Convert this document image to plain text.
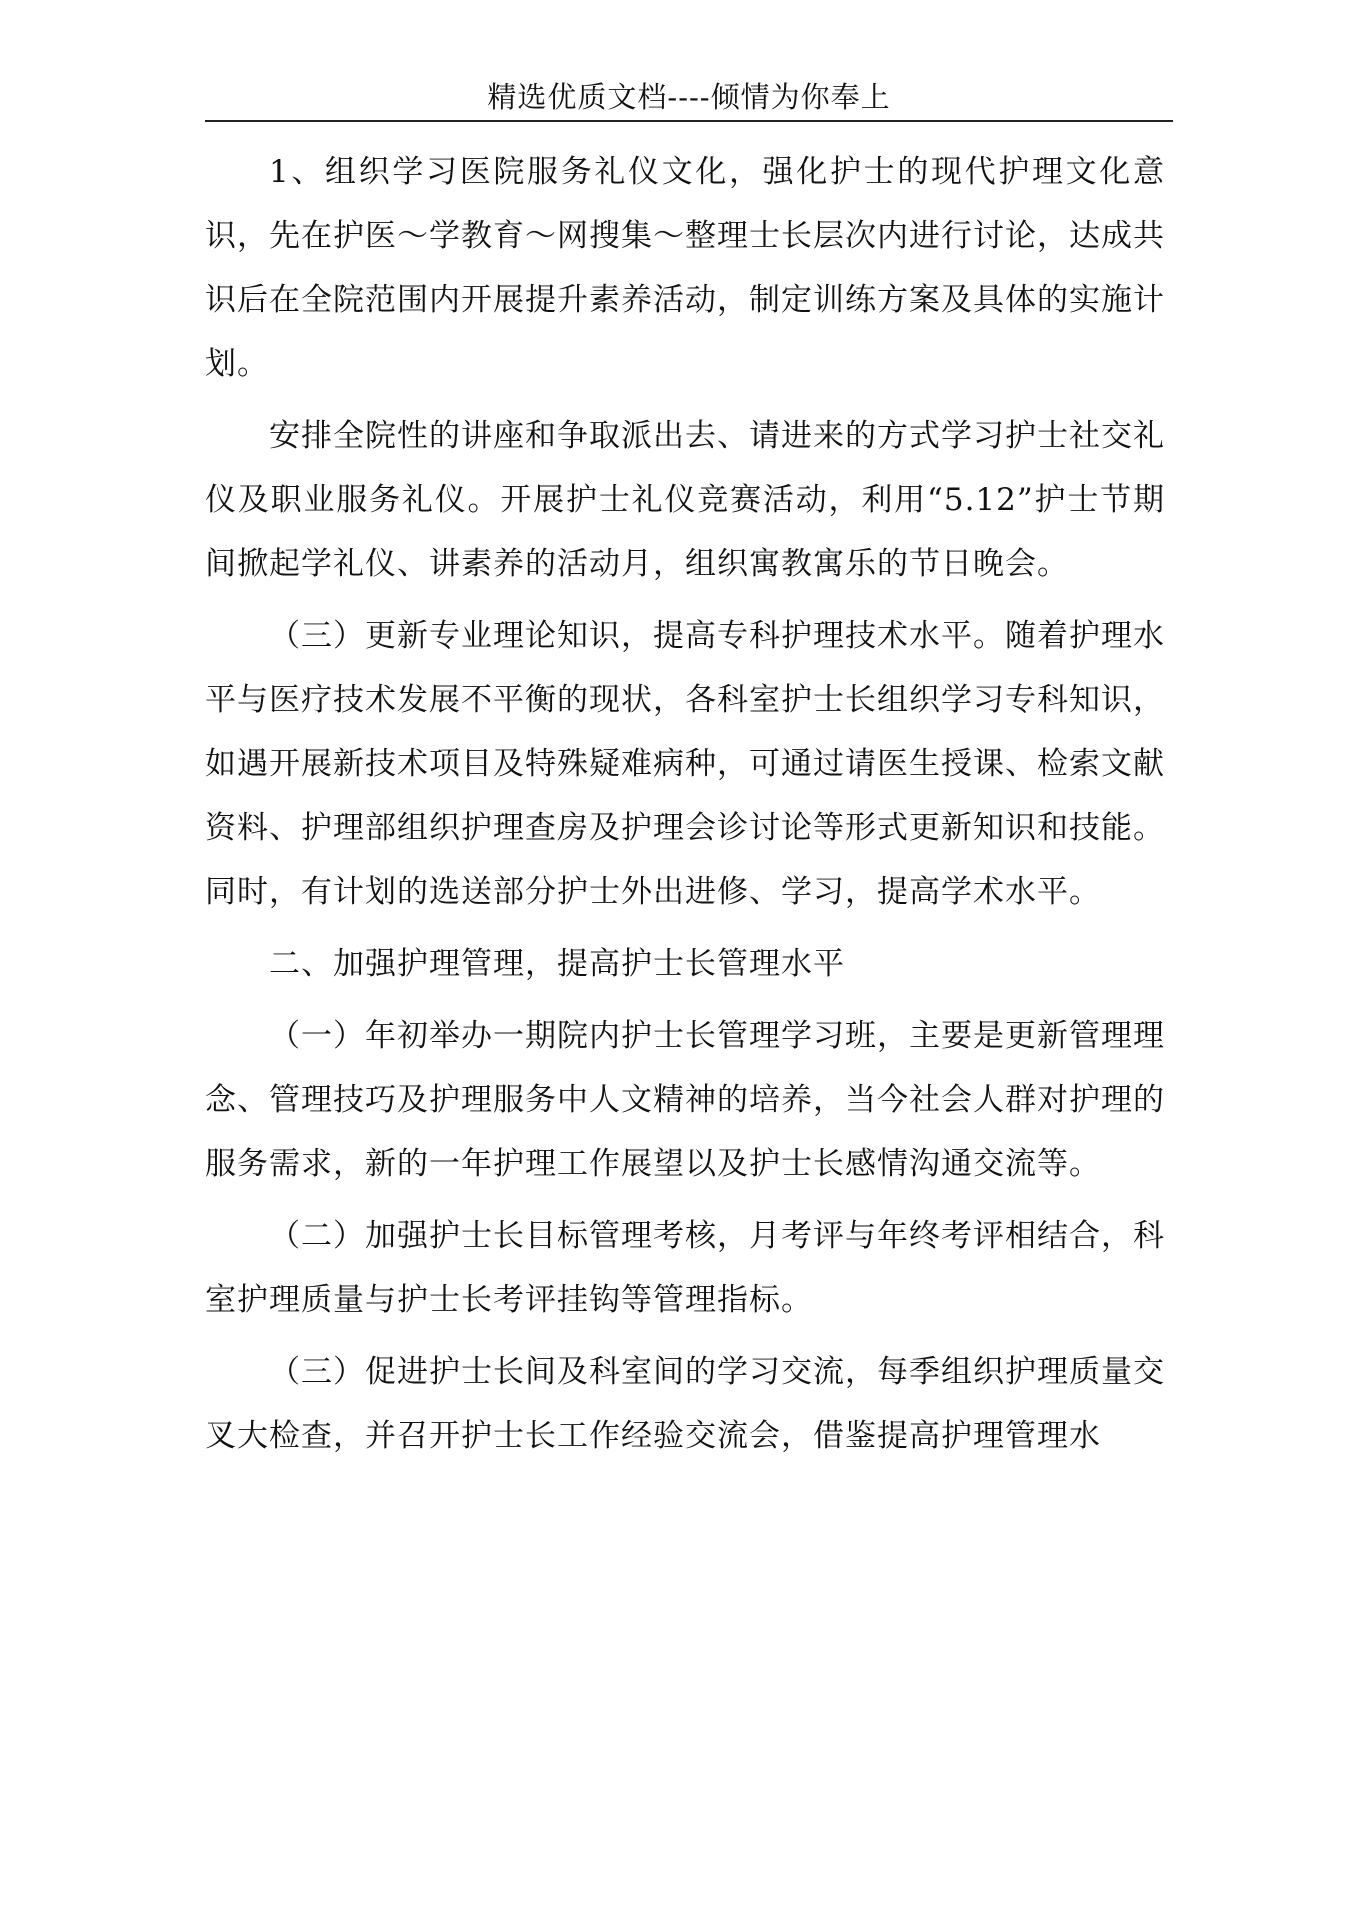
精选优质文档----倾情为你奉上

1、组织学习医院服务礼仪文化，强化护士的现代护理文化意识，先在护医～学教育～网搜集～整理士长层次内进行讨论，达成共识后在全院范围内开展提升素养活动，制定训练方案及具体的实施计划。

安排全院性的讲座和争取派出去、请进来的方式学习护士社交礼仪及职业服务礼仪。开展护士礼仪竞赛活动，利用“5.12”护士节期间掀起学礼仪、讲素养的活动月，组织寓教寓乐的节日晚会。

（三）更新专业理论知识，提高专科护理技术水平。随着护理水平与医疗技术发展不平衡的现状，各科室护士长组织学习专科知识，如遇开展新技术项目及特殊疑难病种，可通过请医生授课、检索文献资料、护理部组织护理查房及护理会诊讨论等形式更新知识和技能。同时，有计划的选送部分护士外出进修、学习，提高学术水平。

二、加强护理管理，提高护士长管理水平

（一）年初举办一期院内护士长管理学习班，主要是更新管理理念、管理技巧及护理服务中人文精神的培养，当今社会人群对护理的服务需求，新的一年护理工作展望以及护士长感情沟通交流等。

（二）加强护士长目标管理考核，月考评与年终考评相结合，科室护理质量与护士长考评挂钩等管理指标。

（三）促进护士长间及科室间的学习交流，每季组织护理质量交叉大检查，并召开护士长工作经验交流会，借鉴提高护理管理水
